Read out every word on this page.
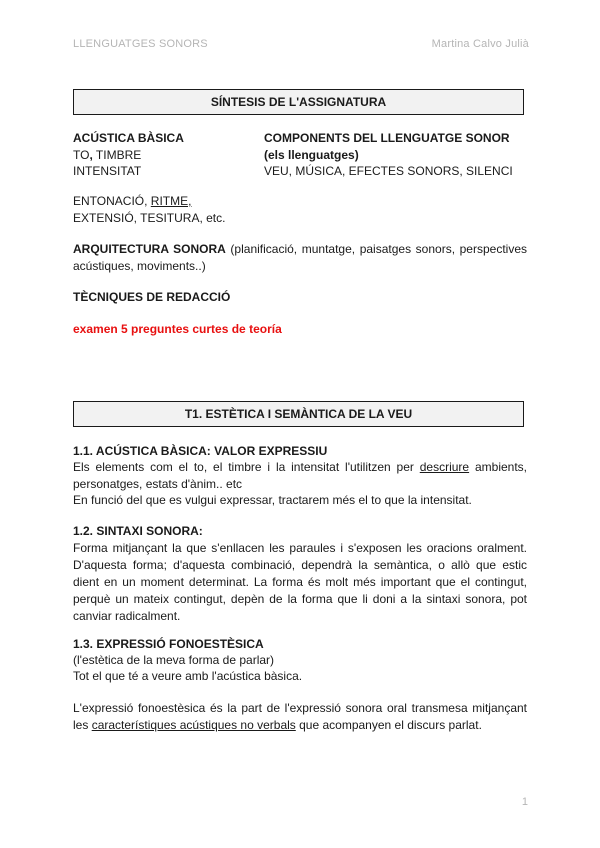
LLENGUATGES SONORS	Martina Calvo Julià
SÍNTESIS DE L'ASSIGNATURA
ACÚSTICA BÀSICA
TO, TIMBRE
INTENSITAT
ENTONACIÓ, RITME,
EXTENSIÓ, TESITURA, etc.
COMPONENTS DEL LLENGUATGE SONOR
(els llenguatges)
VEU, MÚSICA, EFECTES SONORS, SILENCI
ARQUITECTURA SONORA (planificació, muntatge, paisatges sonors, perspectives acústiques, moviments..)
TÈCNIQUES DE REDACCIÓ
examen 5 preguntes curtes de teoría
T1. ESTÈTICA I SEMÀNTICA DE LA VEU
1.1. ACÚSTICA BÀSICA: VALOR EXPRESSIU
Els elements com el to, el timbre i la intensitat l'utilitzen per descriure ambients, personatges, estats d'ànim.. etc
En funció del que es vulgui expressar, tractarem més el to que la intensitat.
1.2. SINTAXI SONORA:
Forma mitjançant la que s'enllacen les paraules i s'exposen les oracions oralment. D'aquesta forma; d'aquesta combinació, dependrà la semàntica, o allò que estic dient en un moment determinat. La forma és molt més important que el contingut, perquè un mateix contingut, depèn de la forma que li doni a la sintaxi sonora, pot canviar radicalment.
1.3. EXPRESSIÓ FONOESTÈSICA
(l'estètica de la meva forma de parlar)
Tot el que té a veure amb l'acústica bàsica.
L'expressió fonoestèsica és la part de l'expressió sonora oral transmesa mitjançant les característiques acústiques no verbals que acompanyen el discurs parlat.
1
